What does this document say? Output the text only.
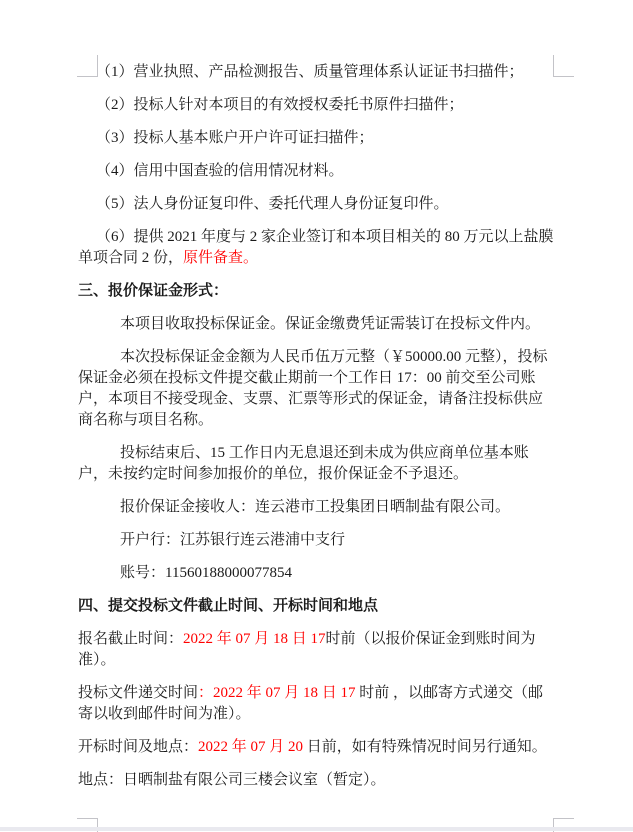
（1）营业执照、产品检测报告、质量管理体系认证证书扫描件；

（2）投标人针对本项目的有效授权委托书原件扫描件；

（3）投标人基本账户开户许可证扫描件；

（4）信用中国查验的信用情况材料。

（5）法人身份证复印件、委托代理人身份证复印件。

（6）提供 2021 年度与 2 家企业签订和本项目相关的 80 万元以上盐膜单项合同 2 份，原件备查。

三、报价保证金形式：

本项目收取投标保证金。保证金缴费凭证需装订在投标文件内。

本次投标保证金金额为人民币伍万元整（￥50000.00 元整），投标保证金必须在投标文件提交截止期前一个工作日 17：00 前交至公司账户，本项目不接受现金、支票、汇票等形式的保证金，请备注投标供应商名称与项目名称。

投标结束后、15 工作日内无息退还到未成为供应商单位基本账户，未按约定时间参加报价的单位，报价保证金不予退还。

报价保证金接收人：连云港市工投集团日晒制盐有限公司。

开户行：江苏银行连云港浦中支行

账号：11560188000077854

四、提交投标文件截止时间、开标时间和地点

报名截止时间：2022 年 07 月 18 日 17时前（以报价保证金到账时间为准）。

投标文件递交时间：2022 年 07 月 18 日 17 时前 ，以邮寄方式递交（邮寄以收到邮件时间为准）。

开标时间及地点：2022 年 07 月 20 日前，如有特殊情况时间另行通知。

地点：日晒制盐有限公司三楼会议室（暂定）。
